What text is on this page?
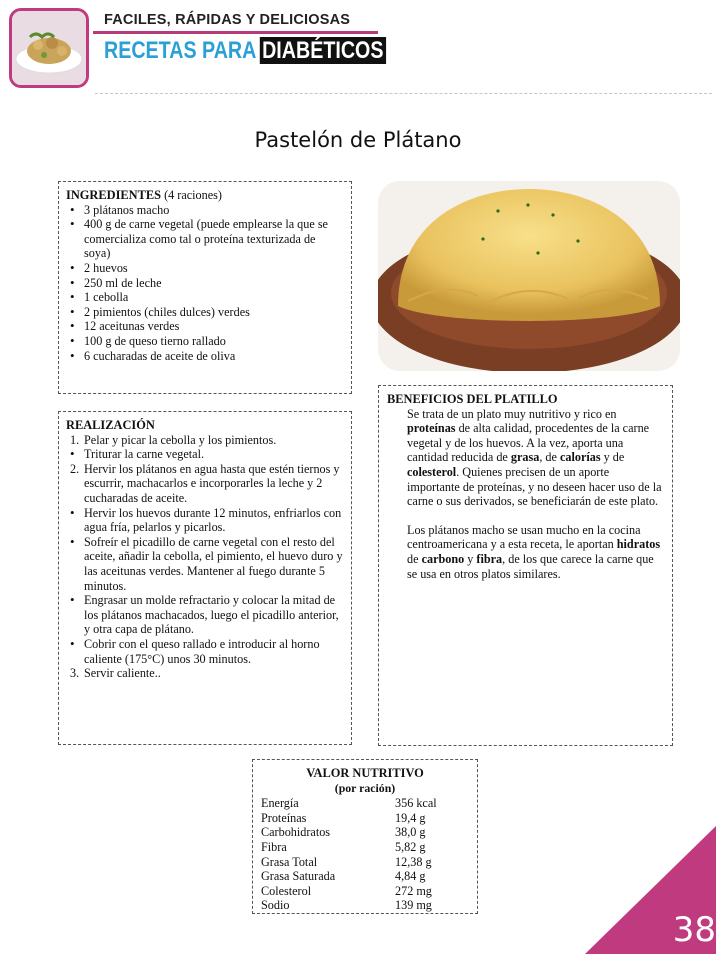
FACILES, RÁPIDAS Y DELICIOSAS
RECETAS PARA DIABÉTICOS
Pastelón de Plátano
INGREDIENTES (4 raciones)
• 3 plátanos macho
• 400 g de carne vegetal (puede emplearse la que se comercializa como tal o proteína texturizada de soya)
• 2 huevos
• 250 ml de leche
• 1 cebolla
• 2 pimientos (chiles dulces) verdes
• 12 aceitunas verdes
• 100 g de queso tierno rallado
• 6 cucharadas de aceite de oliva
REALIZACIÓN
1. Pelar y picar la cebolla y los pimientos.
• Triturar la carne vegetal.
2. Hervir los plátanos en agua hasta que estén tiernos y escurrir, machacarlos e incorporarles la leche y 2 cucharadas de aceite.
• Hervir los huevos durante 12 minutos, enfriarlos con agua fría, pelarlos y picarlos.
• Sofreír el picadillo de carne vegetal con el resto del aceite, añadir la cebolla, el pimiento, el huevo duro y las aceitunas verdes. Mantener al fuego durante 5 minutos.
• Engrasar un molde refractario y colocar la mitad de los plátanos machacados, luego el picadillo anterior, y otra capa de plátano.
• Cobrir con el queso rallado e introducir al horno caliente (175°C) unos 30 minutos.
3. Servir caliente..
BENEFICIOS DEL PLATILLO

Se trata de un plato muy nutritivo y rico en proteínas de alta calidad, procedentes de la carne vegetal y de los huevos. A la vez, aporta una cantidad reducida de grasa, de calorías y de colesterol. Quienes precisen de un aporte importante de proteínas, y no deseen hacer uso de la carne o sus derivados, se beneficiarán de este plato.

Los plátanos macho se usan mucho en la cocina centroamericana y a esta receta, le aportan hidratos de carbono y fibra, de los que carece la carne que se usa en otros platos similares.

VALOR NUTRITIVO
(por ración)
Energía	356 kcal
Proteínas	19,4 g
Carbohidratos	38,0 g
Fibra	5,82 g
Grasa Total	12,38 g
Grasa Saturada	4,84 g
Colesterol	272 mg
Sodio	139 mg
38
